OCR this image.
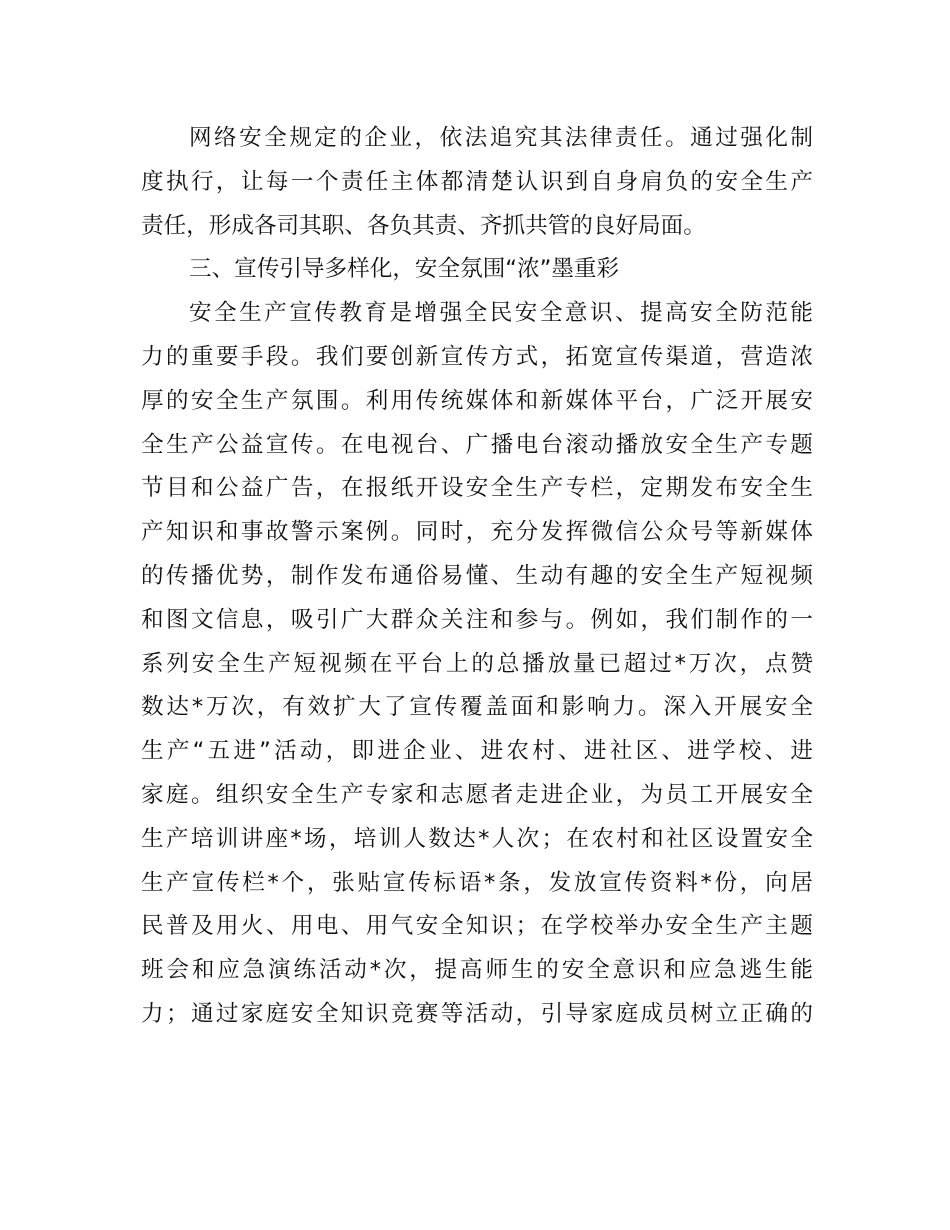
网络安全规定的企业，依法追究其法律责任。通过强化制
度执行，让每一个责任主体都清楚认识到自身肩负的安全生产
责任，形成各司其职、各负其责、齐抓共管的良好局面。
三、宣传引导多样化，安全氛围“浓”墨重彩
安全生产宣传教育是增强全民安全意识、提高安全防范能
力的重要手段。我们要创新宣传方式，拓宽宣传渠道，营造浓
厚的安全生产氛围。利用传统媒体和新媒体平台，广泛开展安
全生产公益宣传。在电视台、广播电台滚动播放安全生产专题
节目和公益广告，在报纸开设安全生产专栏，定期发布安全生
产知识和事故警示案例。同时，充分发挥微信公众号等新媒体
的传播优势，制作发布通俗易懂、生动有趣的安全生产短视频
和图文信息，吸引广大群众关注和参与。例如，我们制作的一
系列安全生产短视频在平台上的总播放量已超过*万次，点赞
数达*万次，有效扩大了宣传覆盖面和影响力。深入开展安全
生产“五进”活动，即进企业、进农村、进社区、进学校、进
家庭。组织安全生产专家和志愿者走进企业，为员工开展安全
生产培训讲座*场，培训人数达*人次；在农村和社区设置安全
生产宣传栏*个，张贴宣传标语*条，发放宣传资料*份，向居
民普及用火、用电、用气安全知识；在学校举办安全生产主题
班会和应急演练活动*次，提高师生的安全意识和应急逃生能
力；通过家庭安全知识竞赛等活动，引导家庭成员树立正确的
